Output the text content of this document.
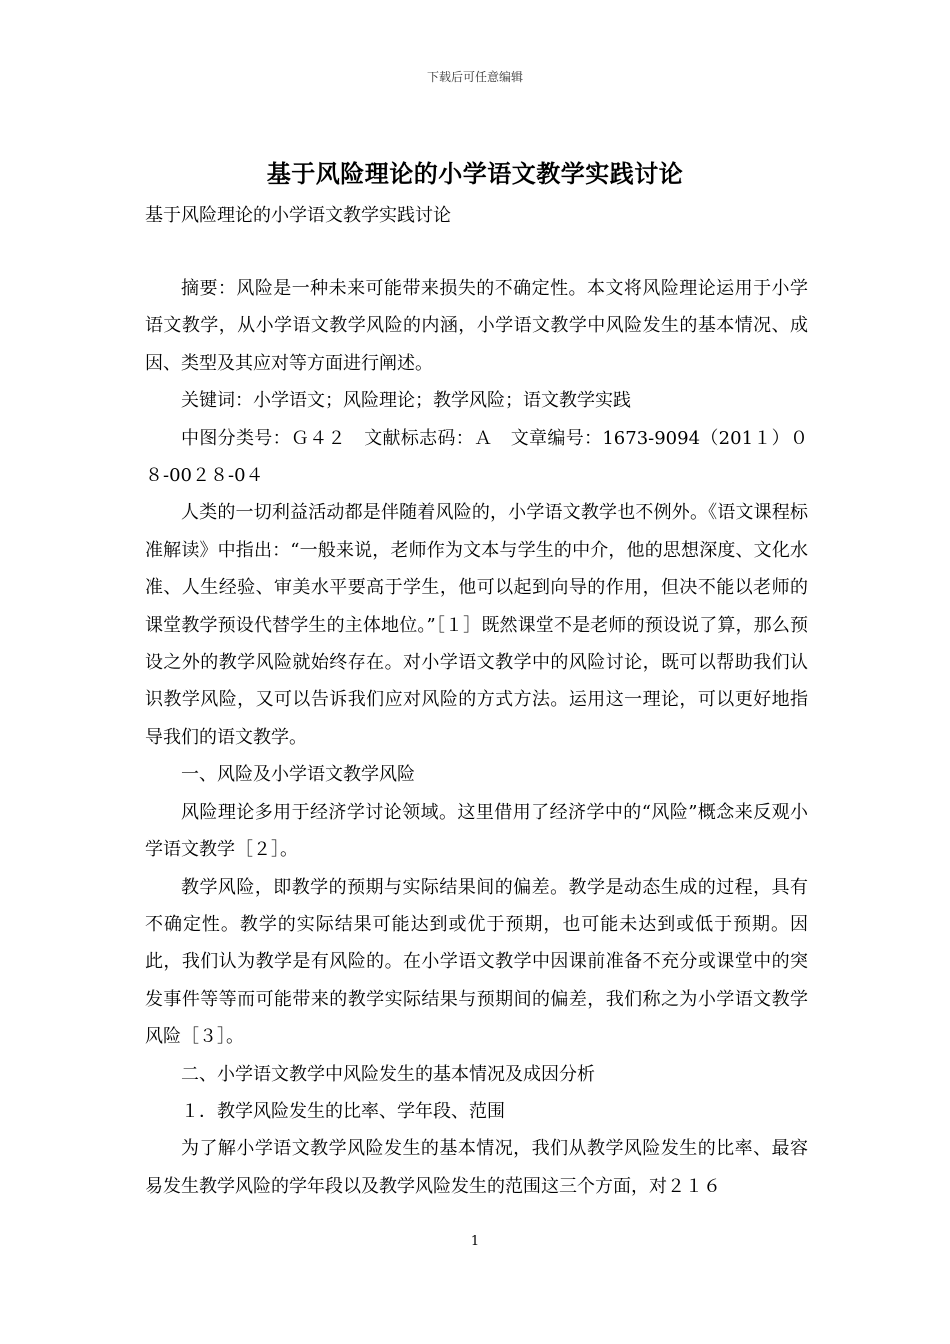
下载后可任意编辑
基于风险理论的小学语文教学实践讨论
基于风险理论的小学语文教学实践讨论

摘要：风险是一种未来可能带来损失的不确定性。本文将风险理论运用于小学语文教学，从小学语文教学风险的内涵，小学语文教学中风险发生的基本情况、成因、类型及其应对等方面进行阐述。

关键词：小学语文；风险理论；教学风险；语文教学实践

中图分类号：Ｇ４２　文献标志码：Ａ　文章编号：1673-9094（201１）０８-00２８-0４

人类的一切利益活动都是伴随着风险的，小学语文教学也不例外。《语文课程标准解读》中指出：“一般来说，老师作为文本与学生的中介，他的思想深度、文化水准、人生经验、审美水平要高于学生，他可以起到向导的作用，但决不能以老师的课堂教学预设代替学生的主体地位。”［１］既然课堂不是老师的预设说了算，那么预设之外的教学风险就始终存在。对小学语文教学中的风险讨论，既可以帮助我们认识教学风险，又可以告诉我们应对风险的方式方法。运用这一理论，可以更好地指导我们的语文教学。

一、风险及小学语文教学风险

风险理论多用于经济学讨论领域。这里借用了经济学中的“风险”概念来反观小学语文教学［２］。

教学风险，即教学的预期与实际结果间的偏差。教学是动态生成的过程，具有不确定性。教学的实际结果可能达到或优于预期，也可能未达到或低于预期。因此，我们认为教学是有风险的。在小学语文教学中因课前准备不充分或课堂中的突发事件等等而可能带来的教学实际结果与预期间的偏差，我们称之为小学语文教学风险［３］。

二、小学语文教学中风险发生的基本情况及成因分析

１．教学风险发生的比率、学年段、范围

为了解小学语文教学风险发生的基本情况，我们从教学风险发生的比率、最容易发生教学风险的学年段以及教学风险发生的范围这三个方面，对２１６

1
